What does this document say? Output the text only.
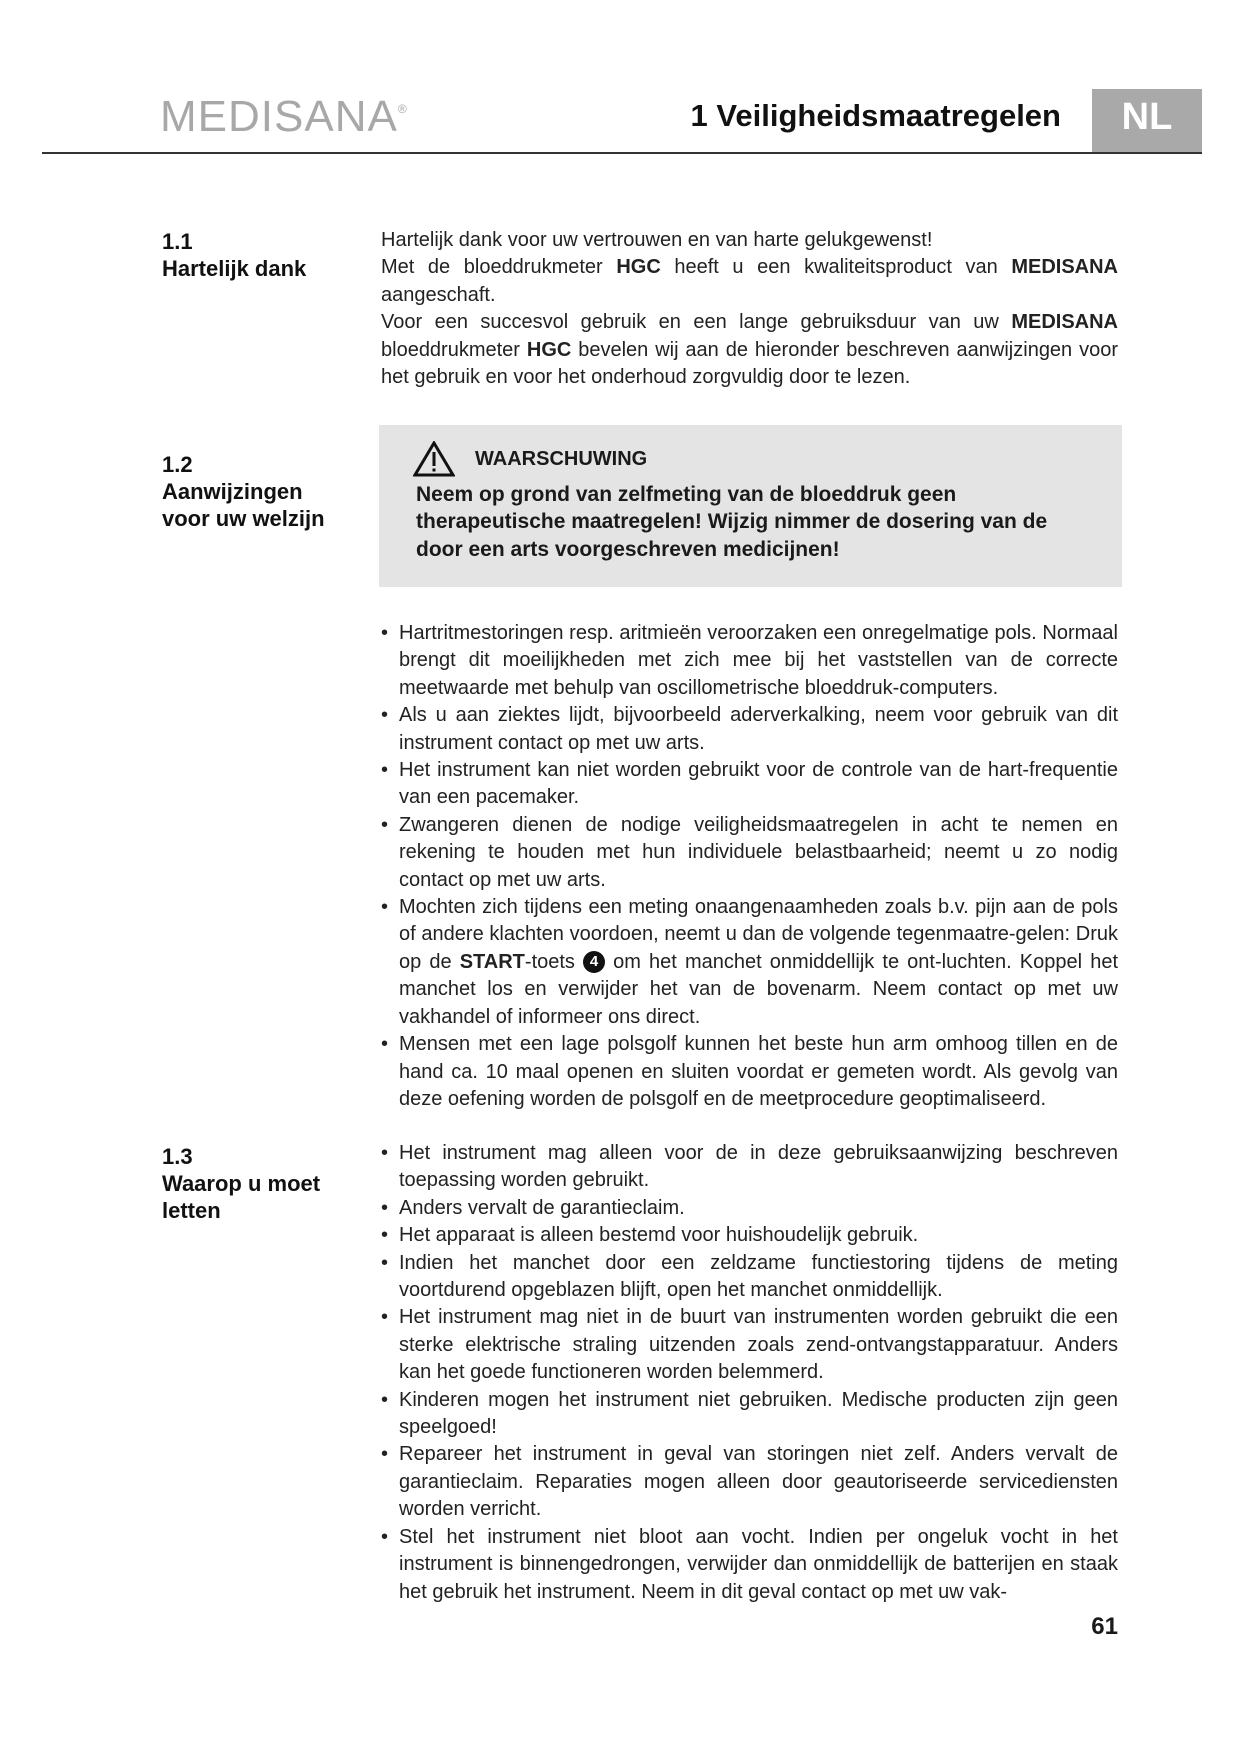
MEDISANA®	1 Veiligheidsmaatregelen	NL
1.1
Hartelijk dank

Hartelijk dank voor uw vertrouwen en van harte gelukgewenst!

Met de bloeddrukmeter HGC heeft u een kwaliteitsproduct van MEDISANA aangeschaft.

Voor een succesvol gebruik en een lange gebruiksduur van uw MEDISANA bloeddrukmeter HGC bevelen wij aan de hieronder beschreven aanwijzingen voor het gebruik en voor het onderhoud zorgvuldig door te lezen.

1.2
Aanwijzingen
voor uw welzijn
WAARSCHUWING
Neem op grond van zelfmeting van de bloeddruk geen therapeutische maatregelen! Wijzig nimmer de dosering van de door een arts voorgeschreven medicijnen!
• Hartritmestoringen resp. aritmieën veroorzaken een onregelmatige pols. Normaal brengt dit moeilijkheden met zich mee bij het vaststellen van de correcte meetwaarde met behulp van oscillometrische bloeddruk-computers.
• Als u aan ziektes lijdt, bijvoorbeeld aderverkalking, neem voor gebruik van dit instrument contact op met uw arts.
• Het instrument kan niet worden gebruikt voor de controle van de hart-frequentie van een pacemaker.
• Zwangeren dienen de nodige veiligheidsmaatregelen in acht te nemen en rekening te houden met hun individuele belastbaarheid; neemt u zo nodig contact op met uw arts.
• Mochten zich tijdens een meting onaangenaamheden zoals b.v. pijn aan de pols of andere klachten voordoen, neemt u dan de volgende tegenmaatre-gelen: Druk op de START-toets 4 om het manchet onmiddellijk te ont-luchten. Koppel het manchet los en verwijder het van de bovenarm. Neem contact op met uw vakhandel of informeer ons direct.
• Mensen met een lage polsgolf kunnen het beste hun arm omhoog tillen en de hand ca. 10 maal openen en sluiten voordat er gemeten wordt. Als gevolg van deze oefening worden de polsgolf en de meetprocedure geoptimaliseerd.
1.3
Waarop u moet
letten
• Het instrument mag alleen voor de in deze gebruiksaanwijzing beschreven toepassing worden gebruikt.
• Anders vervalt de garantieclaim.
• Het apparaat is alleen bestemd voor huishoudelijk gebruik.
• Indien het manchet door een zeldzame functiestoring tijdens de meting voortdurend opgeblazen blijft, open het manchet onmiddellijk.
• Het instrument mag niet in de buurt van instrumenten worden gebruikt die een sterke elektrische straling uitzenden zoals zend-ontvangstapparatuur. Anders kan het goede functioneren worden belemmerd.
• Kinderen mogen het instrument niet gebruiken. Medische producten zijn geen speelgoed!
• Repareer het instrument in geval van storingen niet zelf. Anders vervalt de garantieclaim. Reparaties mogen alleen door geautoriseerde servicediensten worden verricht.
• Stel het instrument niet bloot aan vocht. Indien per ongeluk vocht in het instrument is binnengedrongen, verwijder dan onmiddellijk de batterijen en staak het gebruik het instrument. Neem in dit geval contact op met uw vak-
61
